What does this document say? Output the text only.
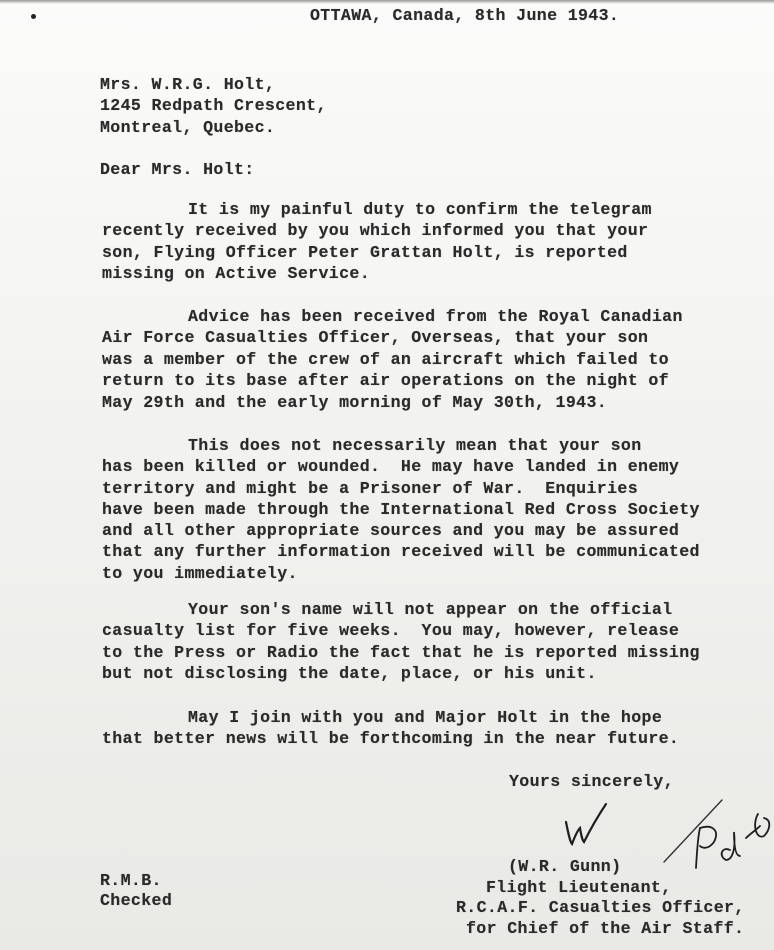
OTTAWA, Canada, 8th June 1943.
Mrs. W.R.G. Holt,
1245 Redpath Crescent,
Montreal, Quebec.
Dear Mrs. Holt:
It is my painful duty to confirm the telegram
recently received by you which informed you that your
son, Flying Officer Peter Grattan Holt, is reported
missing on Active Service.
Advice has been received from the Royal Canadian
Air Force Casualties Officer, Overseas, that your son
was a member of the crew of an aircraft which failed to
return to its base after air operations on the night of
May 29th and the early morning of May 30th, 1943.
This does not necessarily mean that your son
has been killed or wounded.  He may have landed in enemy
territory and might be a Prisoner of War.  Enquiries
have been made through the International Red Cross Society
and all other appropriate sources and you may be assured
that any further information received will be communicated
to you immediately.
Your son's name will not appear on the official
casualty list for five weeks.  You may, however, release
to the Press or Radio the fact that he is reported missing
but not disclosing the date, place, or his unit.
May I join with you and Major Holt in the hope
that better news will be forthcoming in the near future.
Yours sincerely,
(W.R. Gunn)
Flight Lieutenant,
R.C.A.F. Casualties Officer,
for Chief of the Air Staff.
R.M.B.
Checked
